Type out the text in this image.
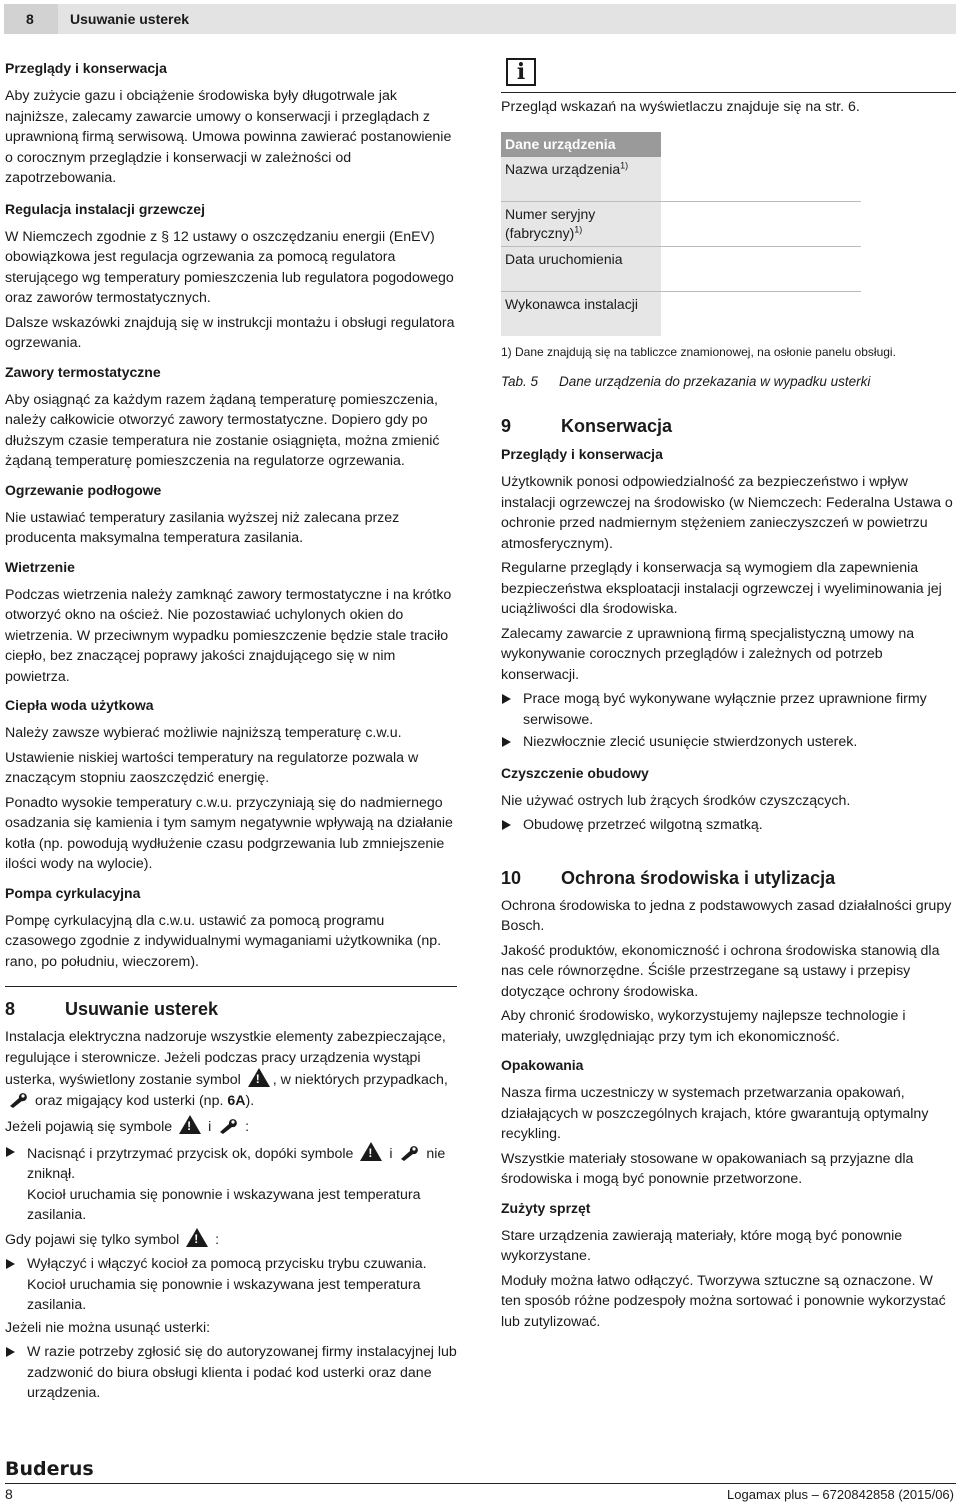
8	Usuwanie usterek
Przeglądy i konserwacja

Aby zużycie gazu i obciążenie środowiska były długotrwale jak najniższe, zalecamy zawarcie umowy o konserwacji i przeglądach z uprawnioną firmą serwisową. Umowa powinna zawierać postanowienie o corocznym przeglądzie i konserwacji w zależności od zapotrzebowania.

Regulacja instalacji grzewczej

W Niemczech zgodnie z § 12 ustawy o oszczędzaniu energii (EnEV) obowiązkowa jest regulacja ogrzewania za pomocą regulatora sterującego wg temperatury pomieszczenia lub regulatora pogodowego oraz zaworów termostatycznych.

Dalsze wskazówki znajdują się w instrukcji montażu i obsługi regulatora ogrzewania.

Zawory termostatyczne

Aby osiągnąć za każdym razem żądaną temperaturę pomieszczenia, należy całkowicie otworzyć zawory termostatyczne. Dopiero gdy po dłuższym czasie temperatura nie zostanie osiągnięta, można zmienić żądaną temperaturę pomieszczenia na regulatorze ogrzewania.

Ogrzewanie podłogowe

Nie ustawiać temperatury zasilania wyższej niż zalecana przez producenta maksymalna temperatura zasilania.

Wietrzenie

Podczas wietrzenia należy zamknąć zawory termostatyczne i na krótko otworzyć okno na oścież. Nie pozostawiać uchylonych okien do wietrzenia. W przeciwnym wypadku pomieszczenie będzie stale traciło ciepło, bez znaczącej poprawy jakości znajdującego się w nim powietrza.

Ciepła woda użytkowa

Należy zawsze wybierać możliwie najniższą temperaturę c.w.u.

Ustawienie niskiej wartości temperatury na regulatorze pozwala w znaczącym stopniu zaoszczędzić energię.

Ponadto wysokie temperatury c.w.u. przyczyniają się do nadmiernego osadzania się kamienia i tym samym negatywnie wpływają na działanie kotła (np. powodują wydłużenie czasu podgrzewania lub zmniejszenie ilości wody na wylocie).

Pompa cyrkulacyjna

Pompę cyrkulacyjną dla c.w.u. ustawić za pomocą programu czasowego zgodnie z indywidualnymi wymaganiami użytkownika (np. rano, po południu, wieczorem).

8	Usuwanie usterek

Instalacja elektryczna nadzoruje wszystkie elementy zabezpieczające, regulujące i sterownicze. Jeżeli podczas pracy urządzenia wystąpi usterka, wyświetlony zostanie symbol ! , w niektórych przypadkach,  oraz migający kod usterki (np. 6A).

Jeżeli pojawią się symbole !	i :

Nacisnąć i przytrzymać przycisk ok, dopóki symbole !	i nie zniknął.
Kocioł uruchamia się ponownie i wskazywana jest temperatura zasilania.

Gdy pojawi się tylko symbol !	:

Wyłączyć i włączyć kocioł za pomocą przycisku trybu czuwania.
Kocioł uruchamia się ponownie i wskazywana jest temperatura zasilania.

Jeżeli nie można usunąć usterki:

W razie potrzeby zgłosić się do autoryzowanej firmy instalacyjnej lub zadzwonić do biura obsługi klienta i podać kod usterki oraz dane urządzenia.
i

Przegląd wskazań na wyświetlaczu znajduje się na str. 6.

Dane urządzenia	
Nazwa urządzenia$^{1)}$	
Numer seryjny (fabryczny)$^{1)}$	
Data uruchomienia	
Wykonawca instalacji	

1) Dane znajdują się na tabliczce znamionowej, na osłonie panelu obsługi.

Tab. 5 Dane urządzenia do przekazania w wypadku usterki

9	Konserwacja
Przeglądy i konserwacja

Użytkownik ponosi odpowiedzialność za bezpieczeństwo i wpływ instalacji ogrzewczej na środowisko (w Niemczech: Federalna Ustawa o ochronie przed nadmiernym stężeniem zanieczyszczeń w powietrzu atmosferycznym).

Regularne przeglądy i konserwacja są wymogiem dla zapewnienia bezpieczeństwa eksploatacji instalacji ogrzewczej i wyeliminowania jej uciążliwości dla środowiska.

Zalecamy zawarcie z uprawnioną firmą specjalistyczną umowy na wykonywanie corocznych przeglądów i zależnych od potrzeb konserwacji.

Prace mogą być wykonywane wyłącznie przez uprawnione firmy serwisowe.
Niezwłocznie zlecić usunięcie stwierdzonych usterek.
Czyszczenie obudowy

Nie używać ostrych lub żrących środków czyszczących.

Obudowę przetrzeć wilgotną szmatką.
10 Ochrona środowiska i utylizacja

Ochrona środowiska to jedna z podstawowych zasad działalności grupy Bosch.

Jakość produktów, ekonomiczność i ochrona środowiska stanowią dla nas cele równorzędne. Ściśle przestrzegane są ustawy i przepisy dotyczące ochrony środowiska.

Aby chronić środowisko, wykorzystujemy najlepsze technologie i materiały, uwzględniając przy tym ich ekonomiczność.

Opakowania

Nasza firma uczestniczy w systemach przetwarzania opakowań, działających w poszczególnych krajach, które gwarantują optymalny recykling.

Wszystkie materiały stosowane w opakowaniach są przyjazne dla środowiska i mogą być ponownie przetworzone.

Zużyty sprzęt

Stare urządzenia zawierają materiały, które mogą być ponownie wykorzystane.

Moduły można łatwo odłączyć. Tworzywa sztuczne są oznaczone. W ten sposób różne podzespoły można sortować i ponownie wykorzystać lub zutylizować.

Buderus
8	Logamax plus – 6720842858 (2015/06)
